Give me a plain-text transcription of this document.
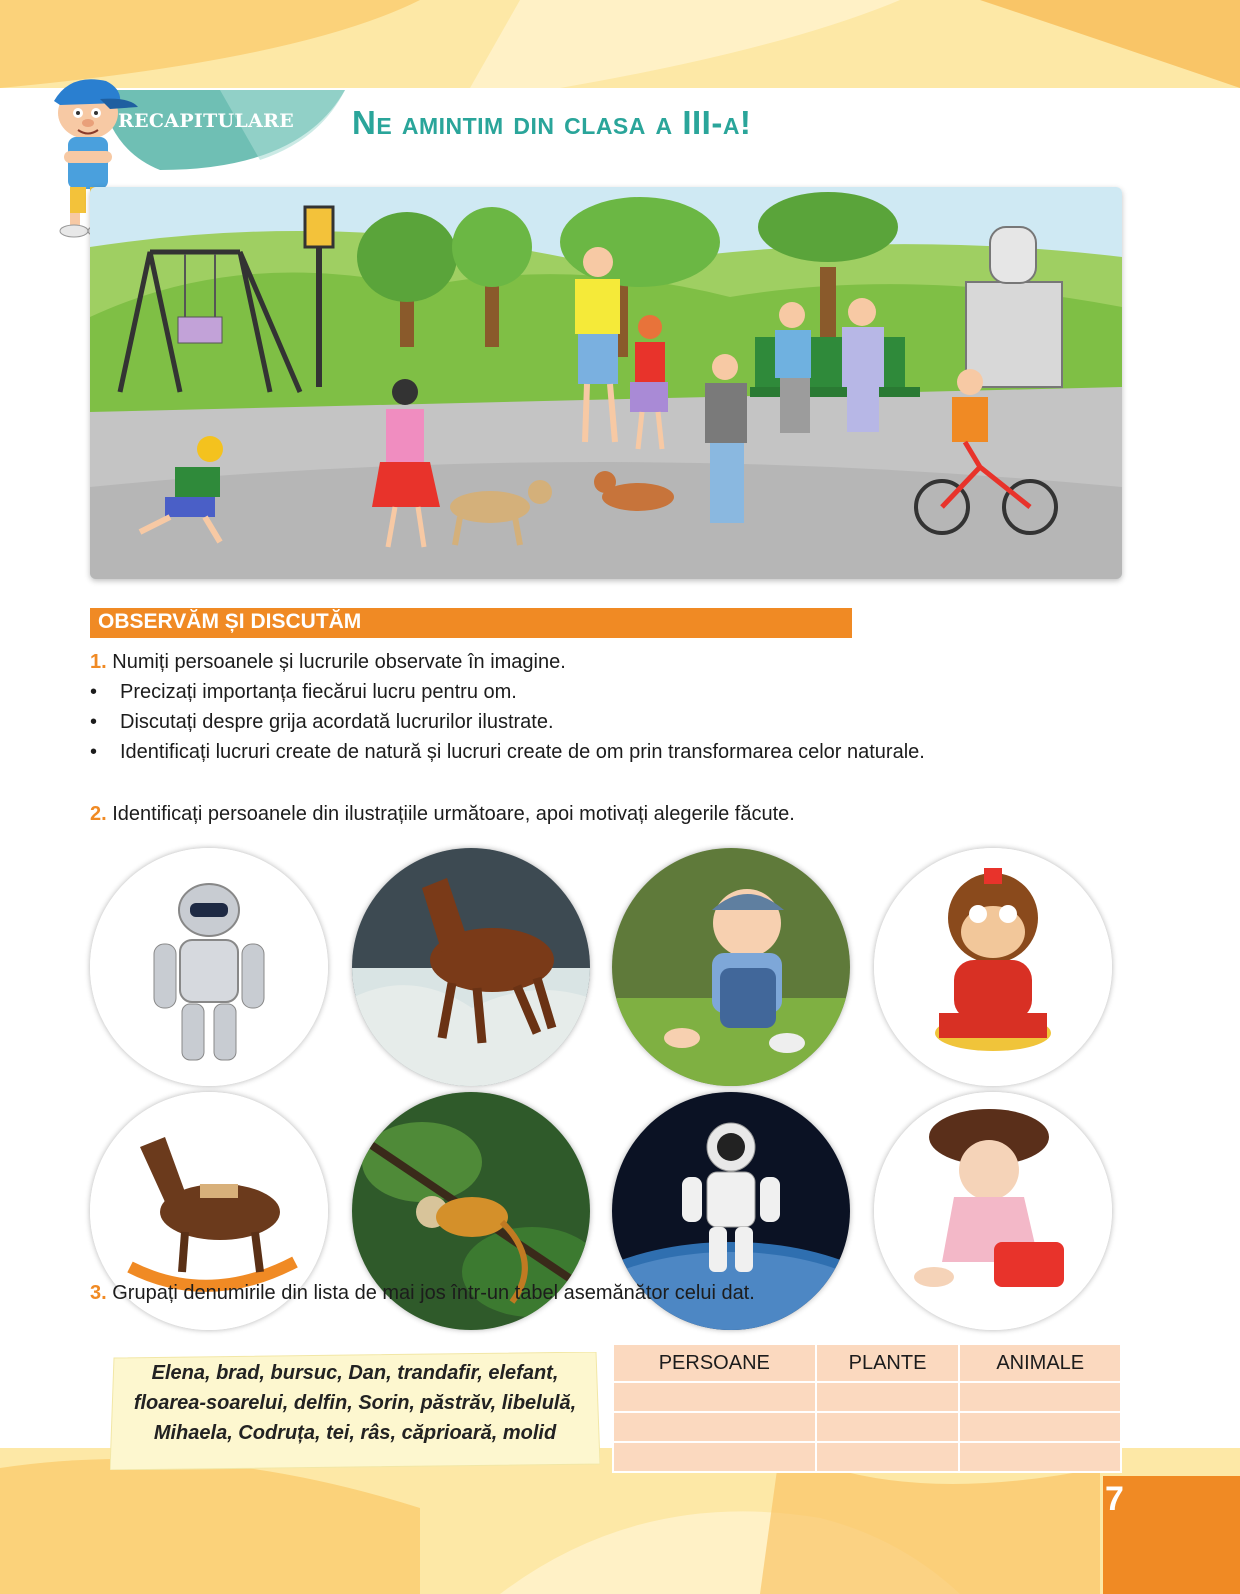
RECAPITULARE Ne amintim din clasa a III-a!
OBSERVĂM ȘI DISCUTĂM
1. Numiți persoanele și lucrurile observate în imagine.
• Precizați importanța fiecărui lucru pentru om.
• Discutați despre grija acordată lucrurilor ilustrate.
• Identificați lucruri create de natură și lucruri create de om prin transformarea celor naturale.
2. Identificați persoanele din ilustrațiile următoare, apoi motivați alegerile făcute.
3. Grupați denumirile din lista de mai jos într-un tabel asemănător celui dat.
Elena, brad, bursuc, Dan, trandafir, elefant,
floarea-soarelui, delfin, Sorin, păstrăv, libelulă,
Mihaela, Codruța, tei, râs, căprioară, molid
PERSOANE	PLANTE	ANIMALE

7
